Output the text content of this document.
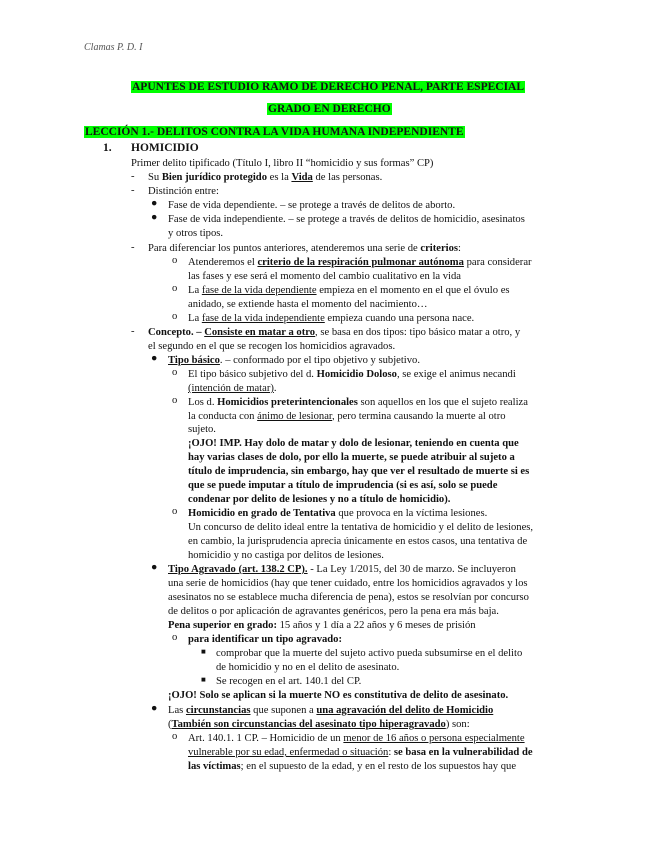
Clamas P. D. I
APUNTES DE ESTUDIO RAMO DE DERECHO PENAL, PARTE ESPECIAL
GRADO EN DERECHO
LECCIÓN 1.- DELITOS CONTRA LA VIDA HUMANA INDEPENDIENTE
1. HOMICIDIO
Primer delito tipificado (Título I, libro II “homicidio y sus formas” CP)
- Su Bien jurídico protegido es la Vida de las personas.
- Distinción entre:
● Fase de vida dependiente. – se protege a través de delitos de aborto.
● Fase de vida independiente. – se protege a través de delitos de homicidio, asesinatos
y otros tipos.
- Para diferenciar los puntos anteriores, atenderemos una serie de criterios:
o Atenderemos el criterio de la respiración pulmonar autónoma para considerar
las fases y ese será el momento del cambio cualitativo en la vida
o La fase de la vida dependiente empieza en el momento en el que el óvulo es
anidado, se extiende hasta el momento del nacimiento…
o La fase de la vida independiente empieza cuando una persona nace.
- Concepto. – Consiste en matar a otro, se basa en dos tipos: tipo básico matar a otro, y
el segundo en el que se recogen los homicidios agravados.
● Tipo básico. – conformado por el tipo objetivo y subjetivo.
o El tipo básico subjetivo del d. Homicidio Doloso, se exige el animus necandi
(intención de matar).
o Los d. Homicidios preterintencionales son aquellos en los que el sujeto realiza
la conducta con ánimo de lesionar, pero termina causando la muerte al otro
sujeto.
¡OJO! IMP. Hay dolo de matar y dolo de lesionar, teniendo en cuenta que
hay varias clases de dolo, por ello la muerte, se puede atribuir al sujeto a
título de imprudencia, sin embargo, hay que ver el resultado de muerte si es
que se puede imputar a título de imprudencia (si es así, solo se puede
condenar por delito de lesiones y no a título de homicidio).
o Homicidio en grado de Tentativa que provoca en la víctima lesiones.
Un concurso de delito ideal entre la tentativa de homicidio y el delito de lesiones,
en cambio, la jurisprudencia aprecia únicamente en estos casos, una tentativa de
homicidio y no castiga por delitos de lesiones.
● Tipo Agravado (art. 138.2 CP). - La Ley 1/2015, del 30 de marzo. Se incluyeron
una serie de homicidios (hay que tener cuidado, entre los homicidios agravados y los
asesinatos no se establece mucha diferencia de pena), estos se resolvían por concurso
de delitos o por aplicación de agravantes genéricos, pero la pena era más baja.
Pena superior en grado: 15 años y 1 día a 22 años y 6 meses de prisión
o para identificar un tipo agravado:
■ comprobar que la muerte del sujeto activo pueda subsumirse en el delito
de homicidio y no en el delito de asesinato.
■ Se recogen en el art. 140.1 del CP.
¡OJO! Solo se aplican si la muerte NO es constitutiva de delito de asesinato.
● Las circunstancias que suponen a una agravación del delito de Homicidio
(También son circunstancias del asesinato tipo hiperagravado) son:
o Art. 140.1. 1 CP. – Homicidio de un menor de 16 años o persona especialmente
vulnerable por su edad, enfermedad o situación: se basa en la vulnerabilidad de
las víctimas; en el supuesto de la edad, y en el resto de los supuestos hay que
